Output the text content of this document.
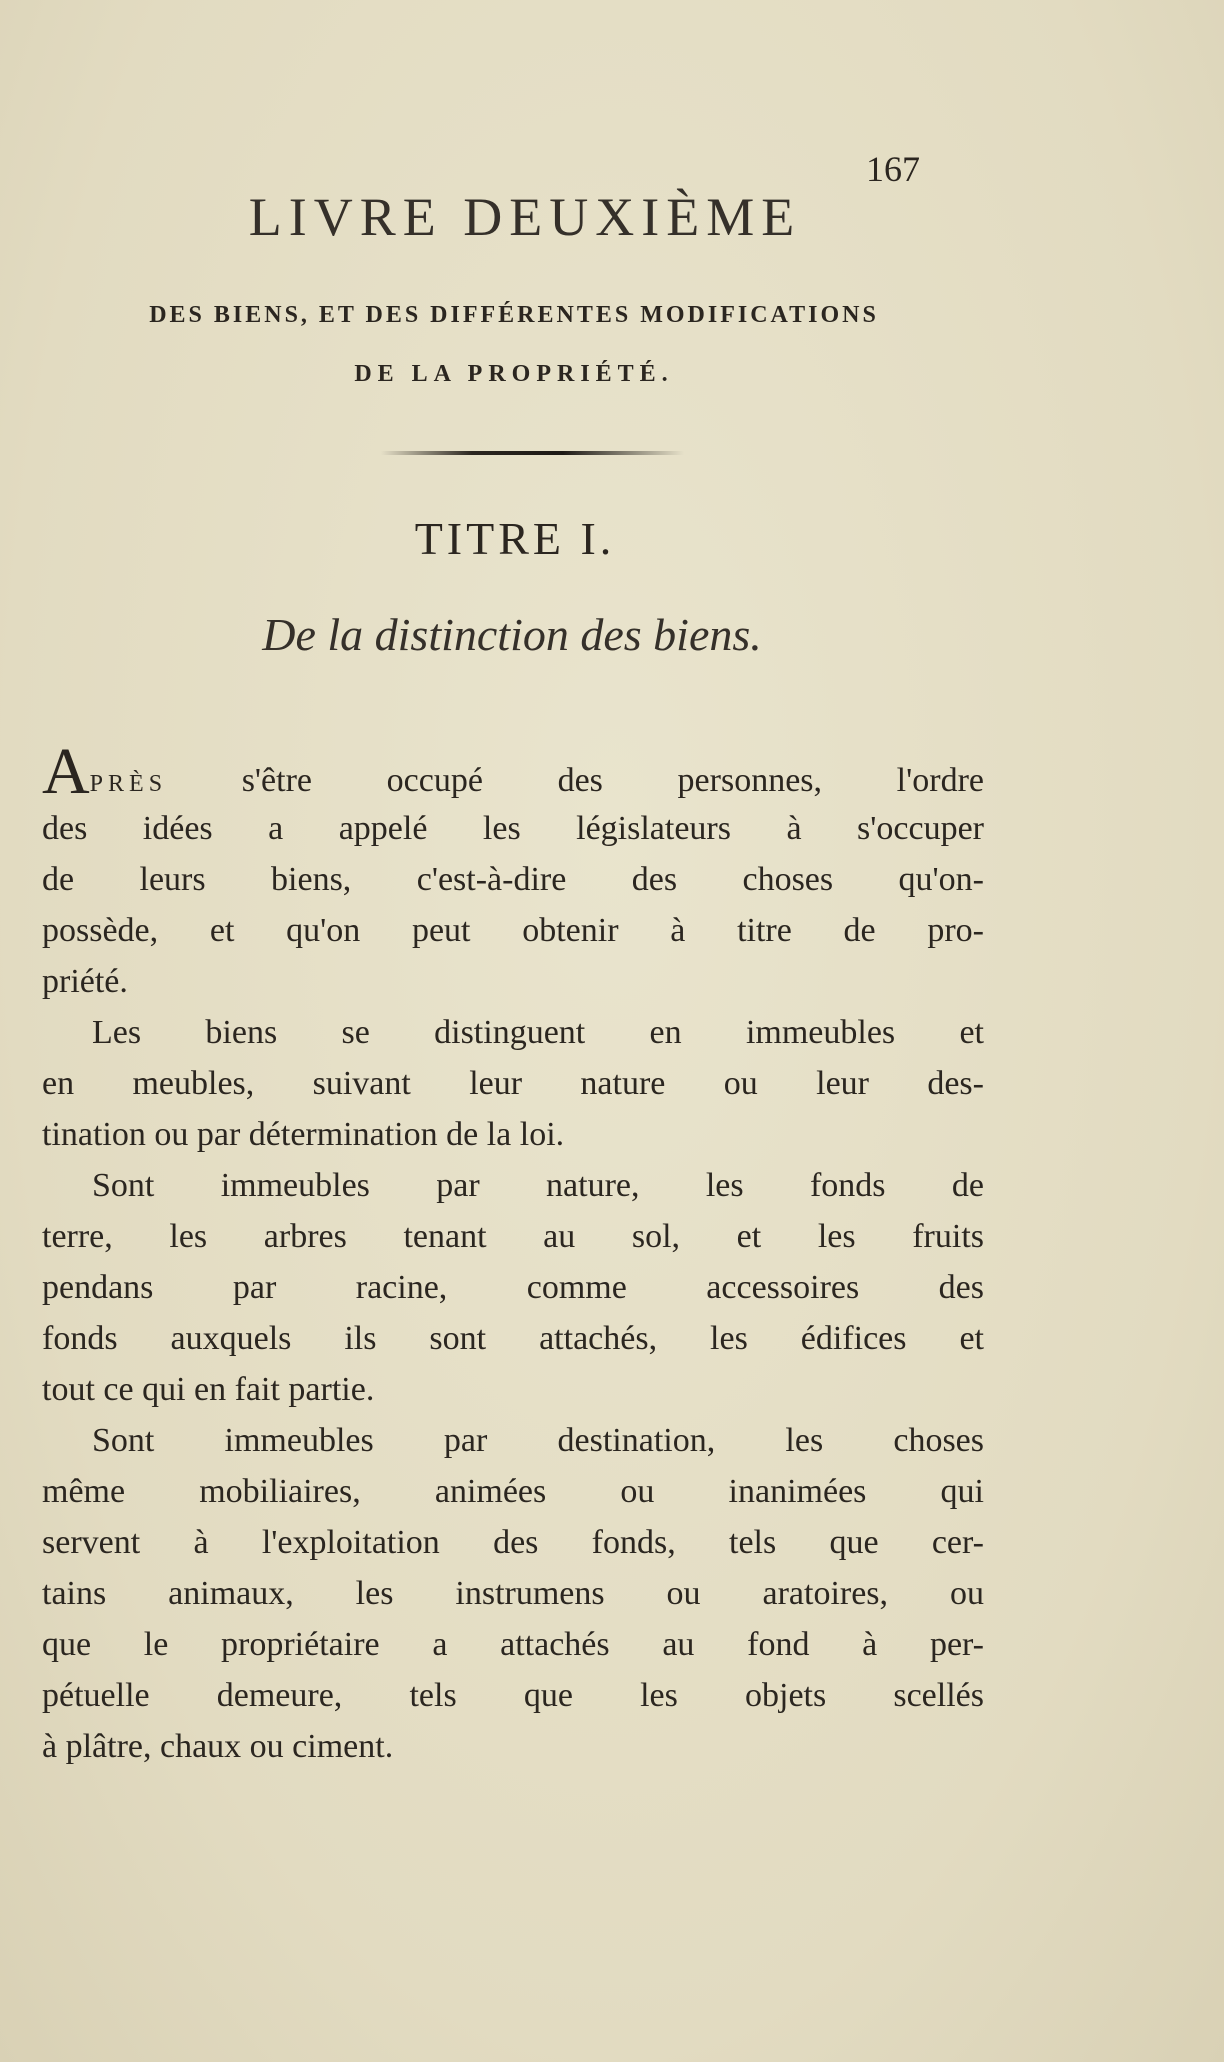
167
LIVRE DEUXIÈME
DES BIENS, ET DES DIFFÉRENTES MODIFICATIONS
DE LA PROPRIÉTÉ.
TITRE I.
De la distinction des biens.
APRÈS s'être occupé des personnes, l'ordre
des idées a appelé les législateurs à s'occuper
de leurs biens, c'est-à-dire des choses qu'on-
possède, et qu'on peut obtenir à titre de pro-
priété.
Les biens se distinguent en immeubles et
en meubles, suivant leur nature ou leur des-
tination ou par détermination de la loi.
Sont immeubles par nature, les fonds de
terre, les arbres tenant au sol, et les fruits
pendans par racine, comme accessoires des
fonds auxquels ils sont attachés, les édifices et
tout ce qui en fait partie.
Sont immeubles par destination, les choses
même mobiliaires, animées ou inanimées qui
servent à l'exploitation des fonds, tels que cer-
tains animaux, les instrumens ou aratoires, ou
que le propriétaire a attachés au fond à per-
pétuelle demeure, tels que les objets scellés
à plâtre, chaux ou ciment.
